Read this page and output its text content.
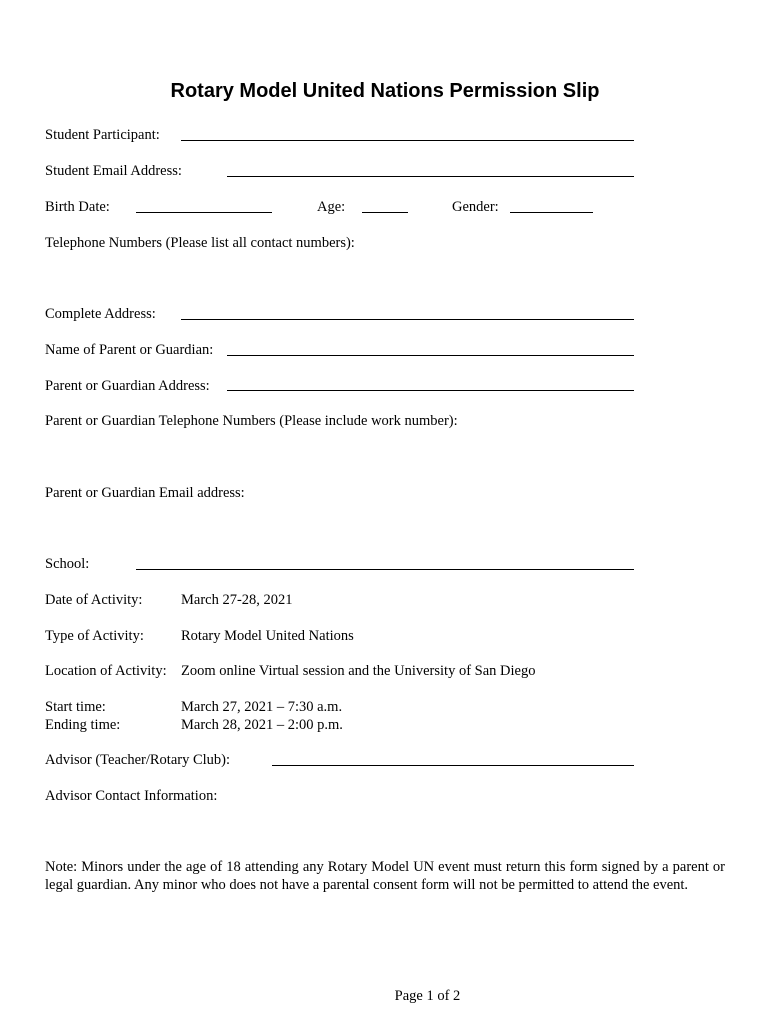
Rotary Model United Nations Permission Slip
Student Participant:
Student Email Address:
Birth Date:	Age:	Gender:
Telephone Numbers (Please list all contact numbers):
Complete Address:
Name of Parent or Guardian:
Parent or Guardian Address:
Parent or Guardian Telephone Numbers (Please include work number):
Parent or Guardian Email address:
School:
Date of Activity:	March 27-28, 2021
Type of Activity:	Rotary Model United Nations
Location of Activity: Zoom online Virtual session and the University of San Diego
Start time:	March 27, 2021 – 7:30 a.m.
Ending time:	March 28, 2021 – 2:00 p.m.
Advisor (Teacher/Rotary Club):
Advisor Contact Information:
Note: Minors under the age of 18 attending any Rotary Model UN event must return this form signed by a parent or legal guardian. Any minor who does not have a parental consent form will not be permitted to attend the event.
Page 1 of 2
